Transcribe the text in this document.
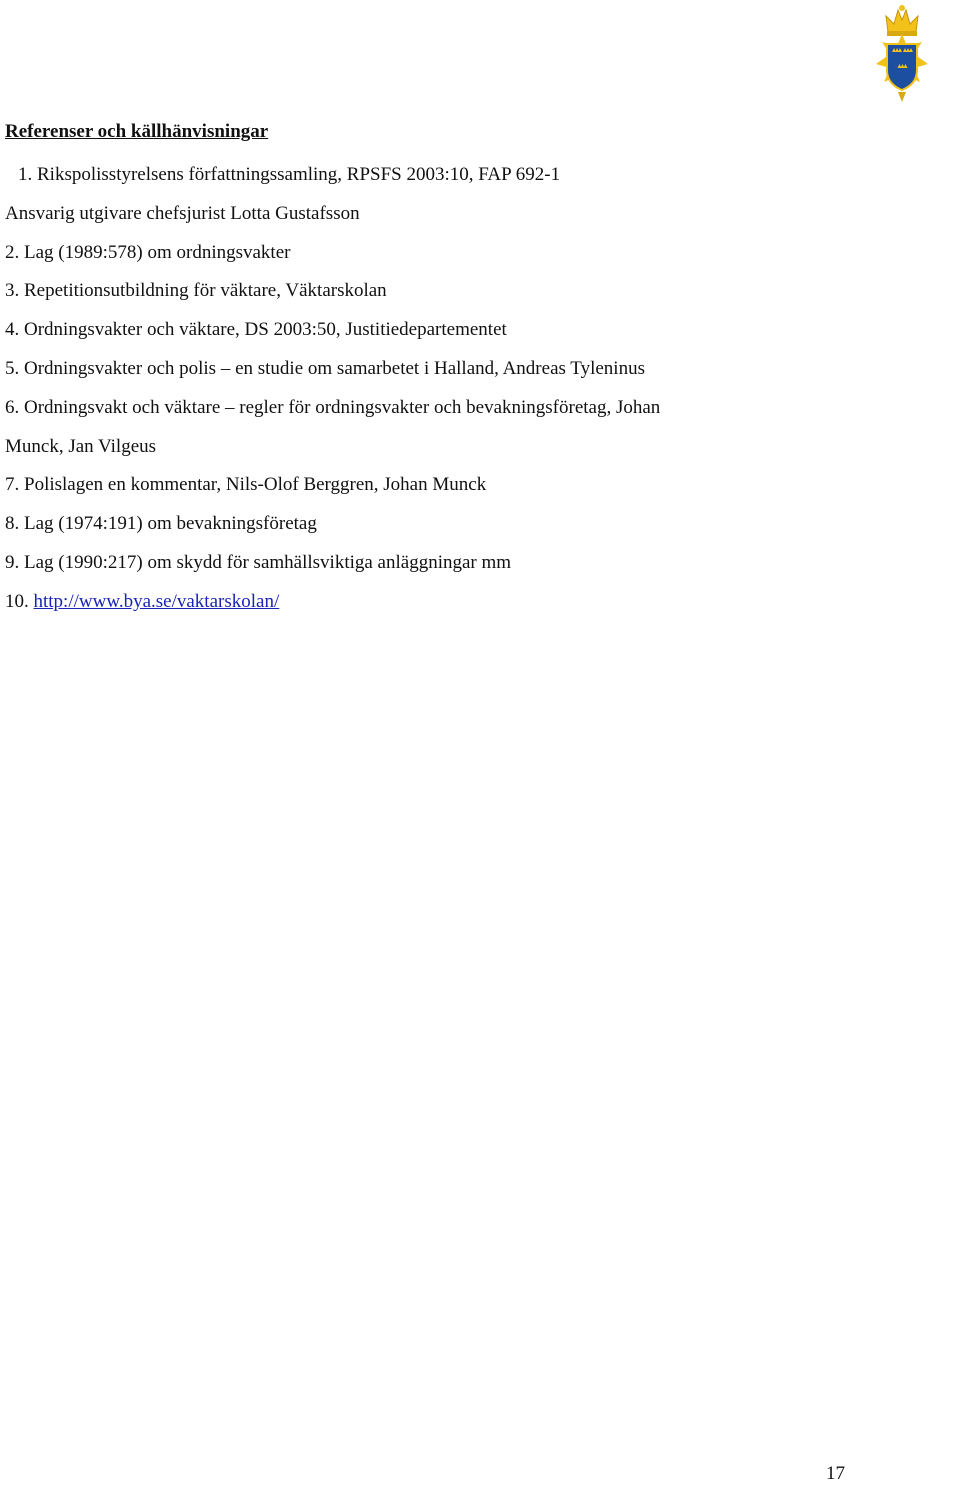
Referenser och källhänvisningar
1. Rikspolisstyrelsens författningssamling, RPSFS 2003:10, FAP 692-1
Ansvarig utgivare chefsjurist Lotta Gustafsson
2. Lag (1989:578) om ordningsvakter
3. Repetitionsutbildning för väktare, Väktarskolan
4. Ordningsvakter och väktare, DS 2003:50, Justitiedepartementet
5. Ordningsvakter och polis – en studie om samarbetet i Halland, Andreas Tyleninus
6. Ordningsvakt och väktare – regler för ordningsvakter och bevakningsföretag, Johan
Munck, Jan Vilgeus
7. Polislagen en kommentar, Nils-Olof Berggren, Johan Munck
8. Lag (1974:191) om bevakningsföretag
9. Lag (1990:217) om skydd för samhällsviktiga anläggningar mm
10. http://www.bya.se/vaktarskolan/
17
